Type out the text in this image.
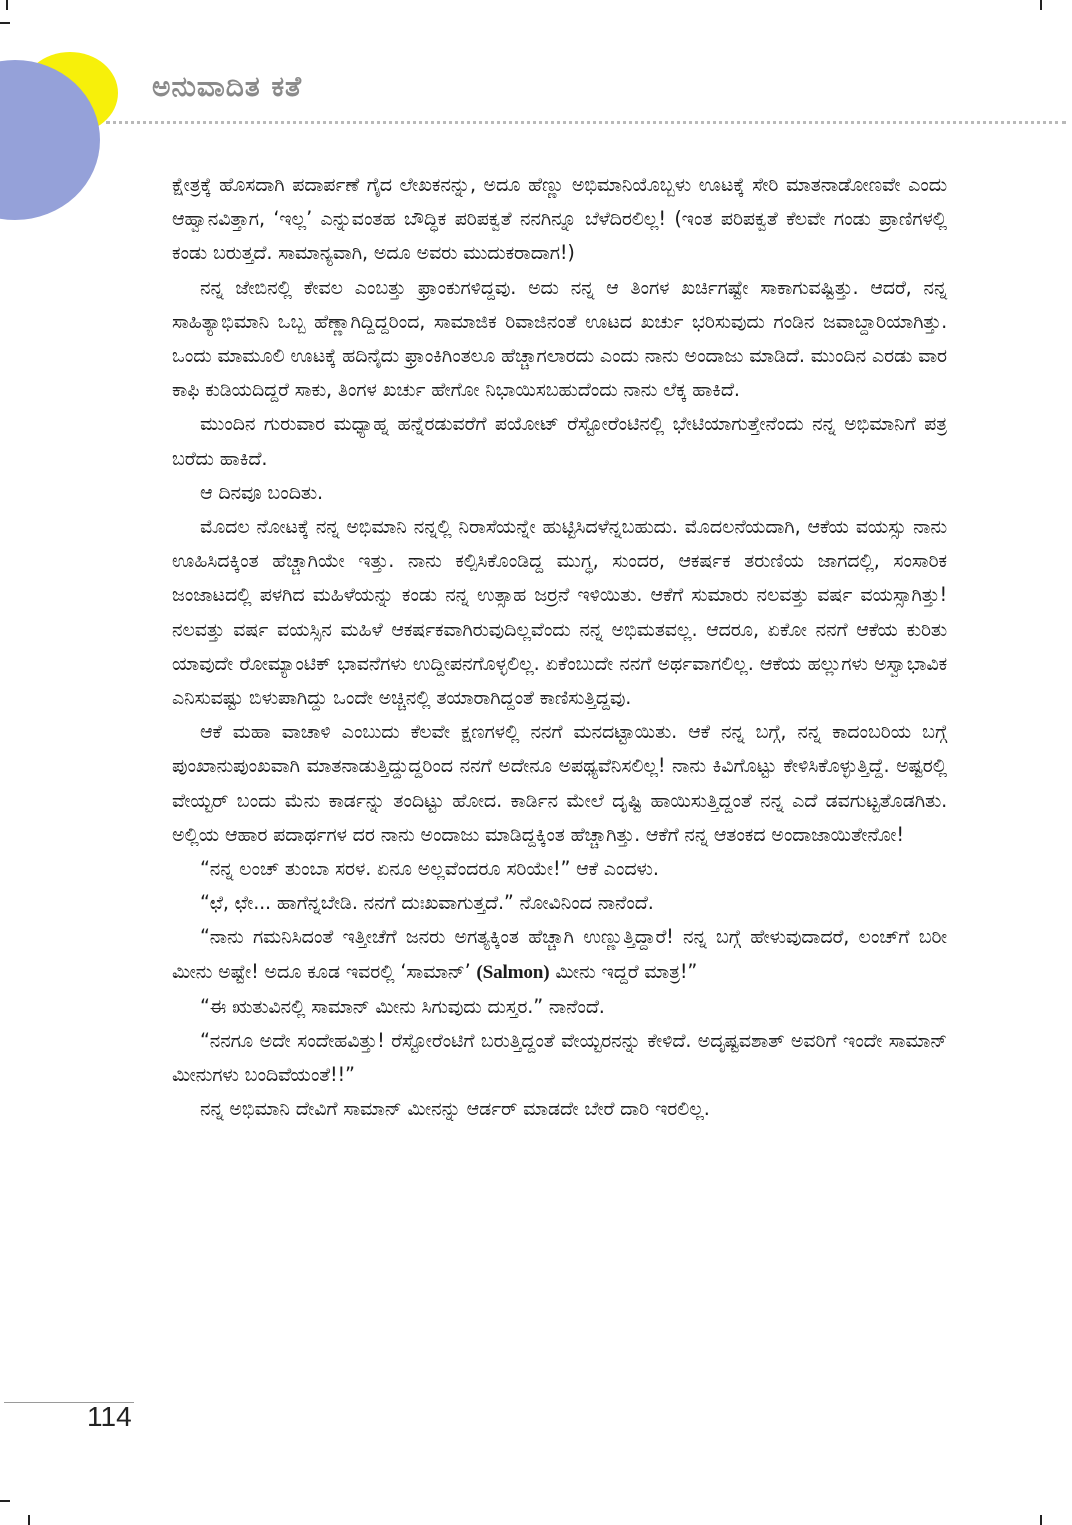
ಅನುವಾದಿತ ಕತೆ

ಕ್ಷೇತ್ರಕ್ಕೆ ಹೊಸದಾಗಿ ಪದಾರ್ಪಣೆ ಗೈದ ಲೇಖಕನನ್ನು, ಅದೂ ಹೆಣ್ಣು ಅಭಿಮಾನಿಯೊಬ್ಬಳು ಊಟಕ್ಕೆ ಸೇರಿ ಮಾತನಾಡೋಣವೇ ಎಂದು ಆಹ್ವಾನವಿತ್ತಾಗ, ‘ಇಲ್ಲ’ ಎನ್ನುವಂತಹ ಬೌದ್ಧಿಕ ಪರಿಪಕ್ವತೆ ನನಗಿನ್ನೂ ಬೆಳೆದಿರಲಿಲ್ಲ! (ಇಂತ ಪರಿಪಕ್ವತೆ ಕೆಲವೇ ಗಂಡು ಪ್ರಾಣಿಗಳಲ್ಲಿ ಕಂಡು ಬರುತ್ತದೆ. ಸಾಮಾನ್ಯವಾಗಿ, ಅದೂ ಅವರು ಮುದುಕರಾದಾಗ!)

ನನ್ನ ಜೇಬಿನಲ್ಲಿ ಕೇವಲ ಎಂಬತ್ತು ಫ್ರಾಂಕುಗಳಿದ್ದವು. ಅದು ನನ್ನ ಆ ತಿಂಗಳ ಖರ್ಚಿಗಷ್ಟೇ ಸಾಕಾಗುವಷ್ಟಿತ್ತು. ಆದರೆ, ನನ್ನ ಸಾಹಿತ್ಯಾಭಿಮಾನಿ ಒಬ್ಬ ಹೆಣ್ಣಾಗಿದ್ದಿದ್ದರಿಂದ, ಸಾಮಾಜಿಕ ರಿವಾಜಿನಂತೆ ಊಟದ ಖರ್ಚು ಭರಿಸುವುದು ಗಂಡಿನ ಜವಾಬ್ದಾರಿಯಾಗಿತ್ತು. ಒಂದು ಮಾಮೂಲಿ ಊಟಕ್ಕೆ ಹದಿನೈದು ಫ್ರಾಂಕಿಗಿಂತಲೂ ಹೆಚ್ಚಾಗಲಾರದು ಎಂದು ನಾನು ಅಂದಾಜು ಮಾಡಿದೆ. ಮುಂದಿನ ಎರಡು ವಾರ ಕಾಫಿ ಕುಡಿಯದಿದ್ದರೆ ಸಾಕು, ತಿಂಗಳ ಖರ್ಚು ಹೇಗೋ ನಿಭಾಯಿಸಬಹುದೆಂದು ನಾನು ಲೆಕ್ಕ ಹಾಕಿದೆ.

ಮುಂದಿನ ಗುರುವಾರ ಮಧ್ಯಾಹ್ನ ಹನ್ನೆರಡುವರೆಗೆ ಪಯೋಟ್ ರೆಸ್ಟೋರೆಂಟಿನಲ್ಲಿ ಭೇಟಿಯಾಗುತ್ತೇನೆಂದು ನನ್ನ ಅಭಿಮಾನಿಗೆ ಪತ್ರ ಬರೆದು ಹಾಕಿದೆ.

ಆ ದಿನವೂ ಬಂದಿತು.

ಮೊದಲ ನೋಟಕ್ಕೆ ನನ್ನ ಅಭಿಮಾನಿ ನನ್ನಲ್ಲಿ ನಿರಾಸೆಯನ್ನೇ ಹುಟ್ಟಿಸಿದಳೆನ್ನಬಹುದು. ಮೊದಲನೆಯದಾಗಿ, ಆಕೆಯ ವಯಸ್ಸು ನಾನು ಊಹಿಸಿದಕ್ಕಿಂತ ಹೆಚ್ಚಾಗಿಯೇ ಇತ್ತು. ನಾನು ಕಲ್ಪಿಸಿಕೊಂಡಿದ್ದ ಮುಗ್ಧ, ಸುಂದರ, ಆಕರ್ಷಕ ತರುಣಿಯ ಜಾಗದಲ್ಲಿ, ಸಂಸಾರಿಕ ಜಂಜಾಟದಲ್ಲಿ ಪಳಗಿದ ಮಹಿಳೆಯನ್ನು ಕಂಡು ನನ್ನ ಉತ್ಸಾಹ ಜರ್ರನೆ ಇಳಿಯಿತು. ಆಕೆಗೆ ಸುಮಾರು ನಲವತ್ತು ವರ್ಷ ವಯಸ್ಸಾಗಿತ್ತು! ನಲವತ್ತು ವರ್ಷ ವಯಸ್ಸಿನ ಮಹಿಳೆ ಆಕರ್ಷಕವಾಗಿರುವುದಿಲ್ಲವೆಂದು ನನ್ನ ಅಭಿಮತವಲ್ಲ. ಆದರೂ, ಏಕೋ ನನಗೆ ಆಕೆಯ ಕುರಿತು ಯಾವುದೇ ರೋಮ್ಯಾಂಟಿಕ್ ಭಾವನೆಗಳು ಉದ್ದೀಪನಗೊಳ್ಳಲಿಲ್ಲ. ಏಕೆಂಬುದೇ ನನಗೆ ಅರ್ಥವಾಗಲಿಲ್ಲ. ಆಕೆಯ ಹಲ್ಲುಗಳು ಅಸ್ವಾಭಾವಿಕ ಎನಿಸುವಷ್ಟು ಬಿಳುಪಾಗಿದ್ದು ಒಂದೇ ಅಚ್ಚಿನಲ್ಲಿ ತಯಾರಾಗಿದ್ದಂತೆ ಕಾಣಿಸುತ್ತಿದ್ದವು.

ಆಕೆ ಮಹಾ ವಾಚಾಳಿ ಎಂಬುದು ಕೆಲವೇ ಕ್ಷಣಗಳಲ್ಲಿ ನನಗೆ ಮನದಟ್ಟಾಯಿತು. ಆಕೆ ನನ್ನ ಬಗ್ಗೆ, ನನ್ನ ಕಾದಂಬರಿಯ ಬಗ್ಗೆ ಪುಂಖಾನುಪುಂಖವಾಗಿ ಮಾತನಾಡುತ್ತಿದ್ದುದ್ದರಿಂದ ನನಗೆ ಅದೇನೂ ಅಪಥ್ಯವೆನಿಸಲಿಲ್ಲ! ನಾನು ಕಿವಿಗೊಟ್ಟು ಕೇಳಿಸಿಕೊಳ್ಳುತ್ತಿದ್ದೆ. ಅಷ್ಟರಲ್ಲಿ ವೇಯ್ಟರ್ ಬಂದು ಮೆನು ಕಾರ್ಡನ್ನು ತಂದಿಟ್ಟು ಹೋದ. ಕಾರ್ಡಿನ ಮೇಲೆ ದೃಷ್ಟಿ ಹಾಯಿಸುತ್ತಿದ್ದಂತೆ ನನ್ನ ಎದೆ ಡವಗುಟ್ಟತೊಡಗಿತು. ಅಲ್ಲಿಯ ಆಹಾರ ಪದಾರ್ಥಗಳ ದರ ನಾನು ಅಂದಾಜು ಮಾಡಿದ್ದಕ್ಕಿಂತ ಹೆಚ್ಚಾಗಿತ್ತು. ಆಕೆಗೆ ನನ್ನ ಆತಂಕದ ಅಂದಾಜಾಯಿತೇನೋ!

“ನನ್ನ ಲಂಚ್ ತುಂಬಾ ಸರಳ. ಏನೂ ಅಲ್ಲವೆಂದರೂ ಸರಿಯೇ!” ಆಕೆ ಎಂದಳು.

“ಛೆ, ಛೇ... ಹಾಗೆನ್ನಬೇಡಿ. ನನಗೆ ದುಃಖವಾಗುತ್ತದೆ.” ನೋವಿನಿಂದ ನಾನೆಂದೆ.

“ನಾನು ಗಮನಿಸಿದಂತೆ ಇತ್ತೀಚೆಗೆ ಜನರು ಅಗತ್ಯಕ್ಕಿಂತ ಹೆಚ್ಚಾಗಿ ಉಣ್ಣುತ್ತಿದ್ದಾರೆ! ನನ್ನ ಬಗ್ಗೆ ಹೇಳುವುದಾದರೆ, ಲಂಚ್‌ಗೆ ಬರೀ ಮೀನು ಅಷ್ಟೇ! ಅದೂ ಕೂಡ ಇವರಲ್ಲಿ ‘ಸಾಮಾನ್’ (Salmon) ಮೀನು ಇದ್ದರೆ ಮಾತ್ರ!”

“ಈ ಋತುವಿನಲ್ಲಿ ಸಾಮಾನ್ ಮೀನು ಸಿಗುವುದು ದುಸ್ತರ.” ನಾನೆಂದೆ.

“ನನಗೂ ಅದೇ ಸಂದೇಹವಿತ್ತು! ರೆಸ್ಟೋರೆಂಟಿಗೆ ಬರುತ್ತಿದ್ದಂತೆ ವೇಯ್ಟರನನ್ನು ಕೇಳಿದೆ. ಅದೃಷ್ಟವಶಾತ್ ಅವರಿಗೆ ಇಂದೇ ಸಾಮಾನ್ ಮೀನುಗಳು ಬಂದಿವೆಯಂತೆ!!”

ನನ್ನ ಅಭಿಮಾನಿ ದೇವಿಗೆ ಸಾಮಾನ್ ಮೀನನ್ನು ಆರ್ಡರ್ ಮಾಡದೇ ಬೇರೆ ದಾರಿ ಇರಲಿಲ್ಲ.

114
